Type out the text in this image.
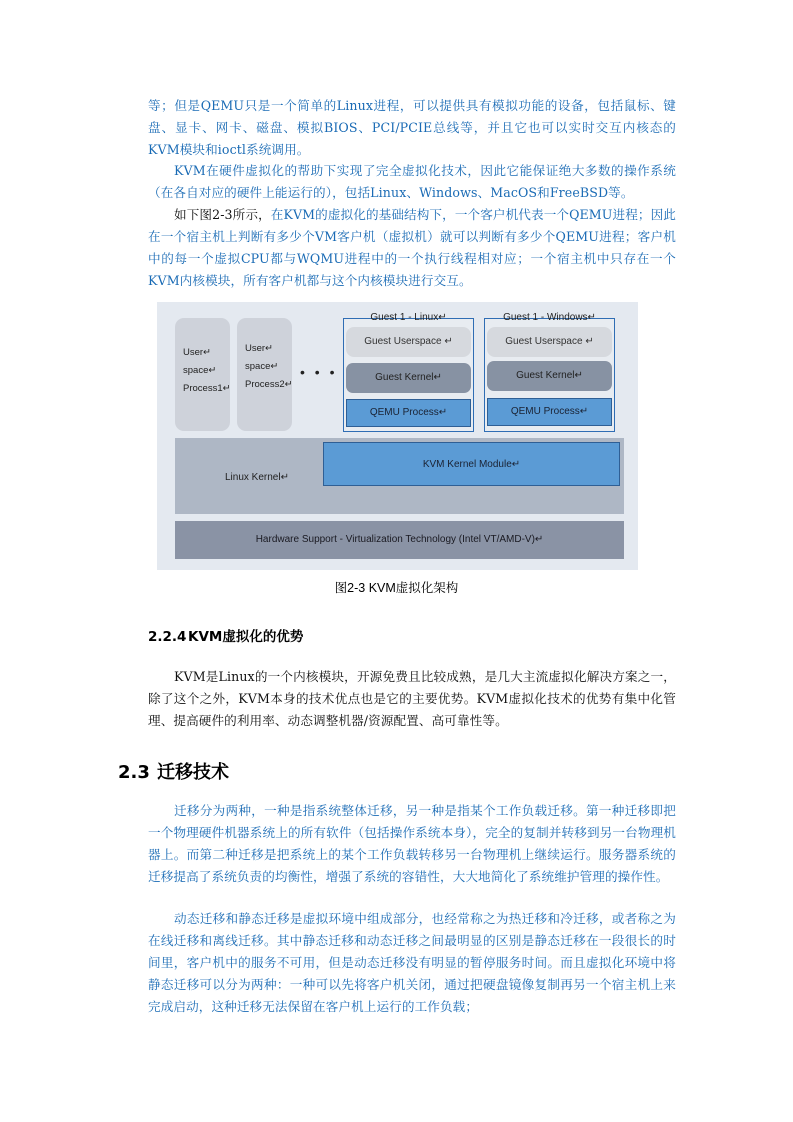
等；但是QEMU只是一个简单的Linux进程，可以提供具有模拟功能的设备，包括鼠标、键盘、显卡、网卡、磁盘、模拟BIOS、PCI/PCIE总线等，并且它也可以实时交互内核态的KVM模块和ioctl系统调用。

KVM在硬件虚拟化的帮助下实现了完全虚拟化技术，因此它能保证绝大多数的操作系统（在各自对应的硬件上能运行的），包括Linux、Windows、MacOS和FreeBSD等。

如下图2-3所示，在KVM的虚拟化的基础结构下，一个客户机代表一个QEMU进程；因此在一个宿主机上判断有多少个VM客户机（虚拟机）就可以判断有多少个QEMU进程；客户机中的每一个虚拟CPU都与WQMU进程中的一个执行线程相对应；一个宿主机中只存在一个KVM内核模块，所有客户机都与这个内核模块进行交互。

User↵
space↵
Process1↵
User↵
space↵
Process2↵
• • •
Guest 1 - Linux↵
Guest Userspace ↵
Guest Kernel↵
QEMU Process↵
Guest 1 - Windows↵
Guest Userspace ↵
Guest Kernel↵
QEMU Process↵
Linux Kernel↵
KVM Kernel Module↵
Hardware Support - Virtualization Technology (Intel VT/AMD-V)↵
图2-3 KVM虚拟化架构
2.2.4 KVM虚拟化的优势

KVM是Linux的一个内核模块，开源免费且比较成熟，是几大主流虚拟化解决方案之一，除了这个之外，KVM本身的技术优点也是它的主要优势。KVM虚拟化技术的优势有集中化管理、提高硬件的利用率、动态调整机器/资源配置、高可靠性等。

2.3 迁移技术

迁移分为两种，一种是指系统整体迁移，另一种是指某个工作负载迁移。第一种迁移即把一个物理硬件机器系统上的所有软件（包括操作系统本身），完全的复制并转移到另一台物理机器上。而第二种迁移是把系统上的某个工作负载转移另一台物理机上继续运行。服务器系统的迁移提高了系统负责的均衡性，增强了系统的容错性，大大地简化了系统维护管理的操作性。

动态迁移和静态迁移是虚拟环境中组成部分，也经常称之为热迁移和冷迁移，或者称之为在线迁移和离线迁移。其中静态迁移和动态迁移之间最明显的区别是静态迁移在一段很长的时间里，客户机中的服务不可用，但是动态迁移没有明显的暂停服务时间。而且虚拟化环境中将静态迁移可以分为两种：一种可以先将客户机关闭，通过把硬盘镜像复制再另一个宿主机上来完成启动，这种迁移无法保留在客户机上运行的工作负载；
